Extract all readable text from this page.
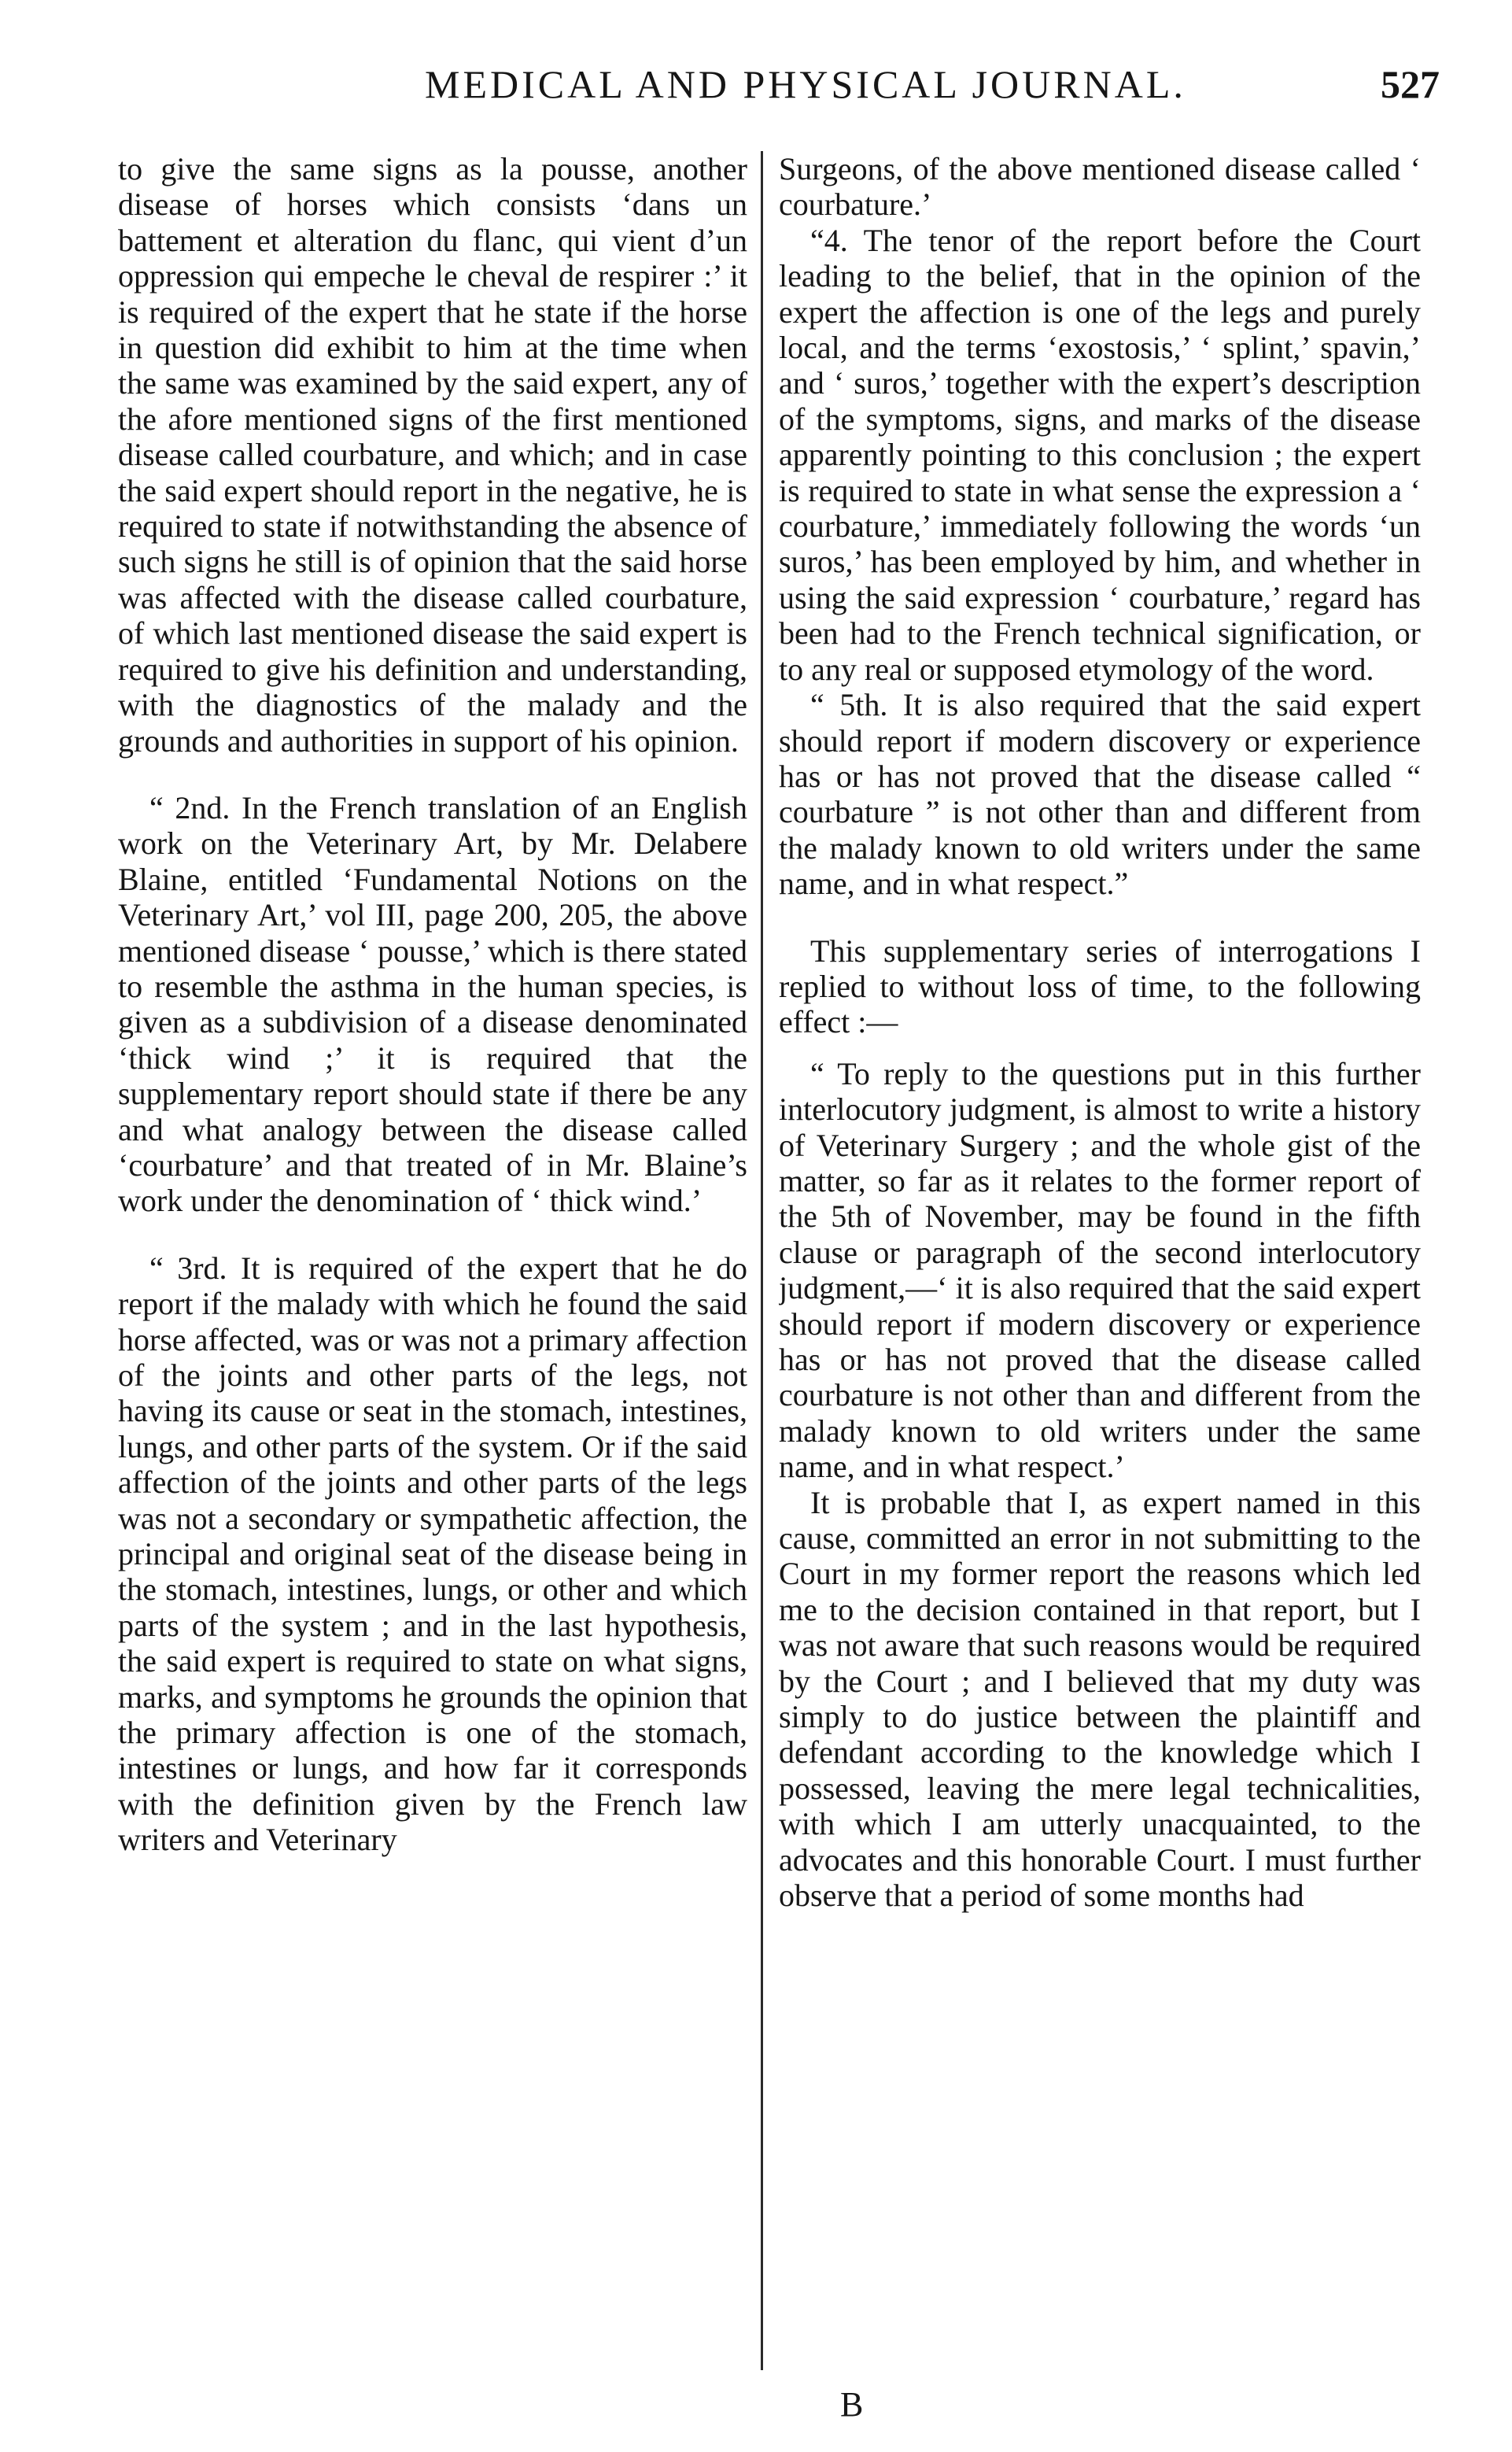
MEDICAL AND PHYSICAL JOURNAL.	527

to give the same signs as la pousse, another disease of horses which consists ‘dans un battement et alteration du flanc, qui vient d’un oppression qui empeche le cheval de respirer :’ it is required of the expert that he state if the horse in question did exhibit to him at the time when the same was examined by the said expert, any of the afore mentioned signs of the first mentioned disease called courbature, and which; and in case the said expert should report in the negative, he is required to state if notwithstanding the absence of such signs he still is of opinion that the said horse was affected with the disease called courbature, of which last mentioned disease the said expert is required to give his definition and understanding, with the diagnostics of the malady and the grounds and authorities in support of his opinion.

“ 2nd. In the French translation of an English work on the Veterinary Art, by Mr. Delabere Blaine, entitled ‘Fundamental Notions on the Veterinary Art,’ vol III, page 200, 205, the above mentioned disease ‘ pousse,’ which is there stated to resemble the asthma in the human species, is given as a subdivision of a disease denominated ‘thick wind ;’ it is required that the supplementary report should state if there be any and what analogy between the disease called ‘courbature’ and that treated of in Mr. Blaine’s work under the denomination of ‘ thick wind.’

“ 3rd. It is required of the expert that he do report if the malady with which he found the said horse affected, was or was not a primary affection of the joints and other parts of the legs, not having its cause or seat in the stomach, intestines, lungs, and other parts of the system. Or if the said affection of the joints and other parts of the legs was not a secondary or sympathetic affection, the principal and original seat of the disease being in the stomach, intestines, lungs, or other and which parts of the system ; and in the last hypothesis, the said expert is required to state on what signs, marks, and symptoms he grounds the opinion that the primary affection is one of the stomach, intestines or lungs, and how far it corresponds with the definition given by the French law writers and Veterinary

Surgeons, of the above mentioned disease called ‘ courbature.’

“4. The tenor of the report before the Court leading to the belief, that in the opinion of the expert the affection is one of the legs and purely local, and the terms ‘exostosis,’ ‘ splint,’ spavin,’ and ‘ suros,’ together with the expert’s description of the symptoms, signs, and marks of the disease apparently pointing to this conclusion ; the expert is required to state in what sense the expression a ‘ courbature,’ immediately following the words ‘un suros,’ has been employed by him, and whether in using the said expression ‘ courbature,’ regard has been had to the French technical signification, or to any real or supposed etymology of the word.

“ 5th. It is also required that the said expert should report if modern discovery or experience has or has not proved that the disease called “ courbature ” is not other than and different from the malady known to old writers under the same name, and in what respect.”

This supplementary series of interrogations I replied to without loss of time, to the following effect :—

“ To reply to the questions put in this further interlocutory judgment, is almost to write a history of Veterinary Surgery ; and the whole gist of the matter, so far as it relates to the former report of the 5th of November, may be found in the fifth clause or paragraph of the second interlocutory judgment,—‘ it is also required that the said expert should report if modern discovery or experience has or has not proved that the disease called courbature is not other than and different from the malady known to old writers under the same name, and in what respect.’

It is probable that I, as expert named in this cause, committed an error in not submitting to the Court in my former report the reasons which led me to the decision contained in that report, but I was not aware that such reasons would be required by the Court ; and I believed that my duty was simply to do justice between the plaintiff and defendant according to the knowledge which I possessed, leaving the mere legal technicalities, with which I am utterly unacquainted, to the advocates and this honorable Court. I must further observe that a period of some months had

B
